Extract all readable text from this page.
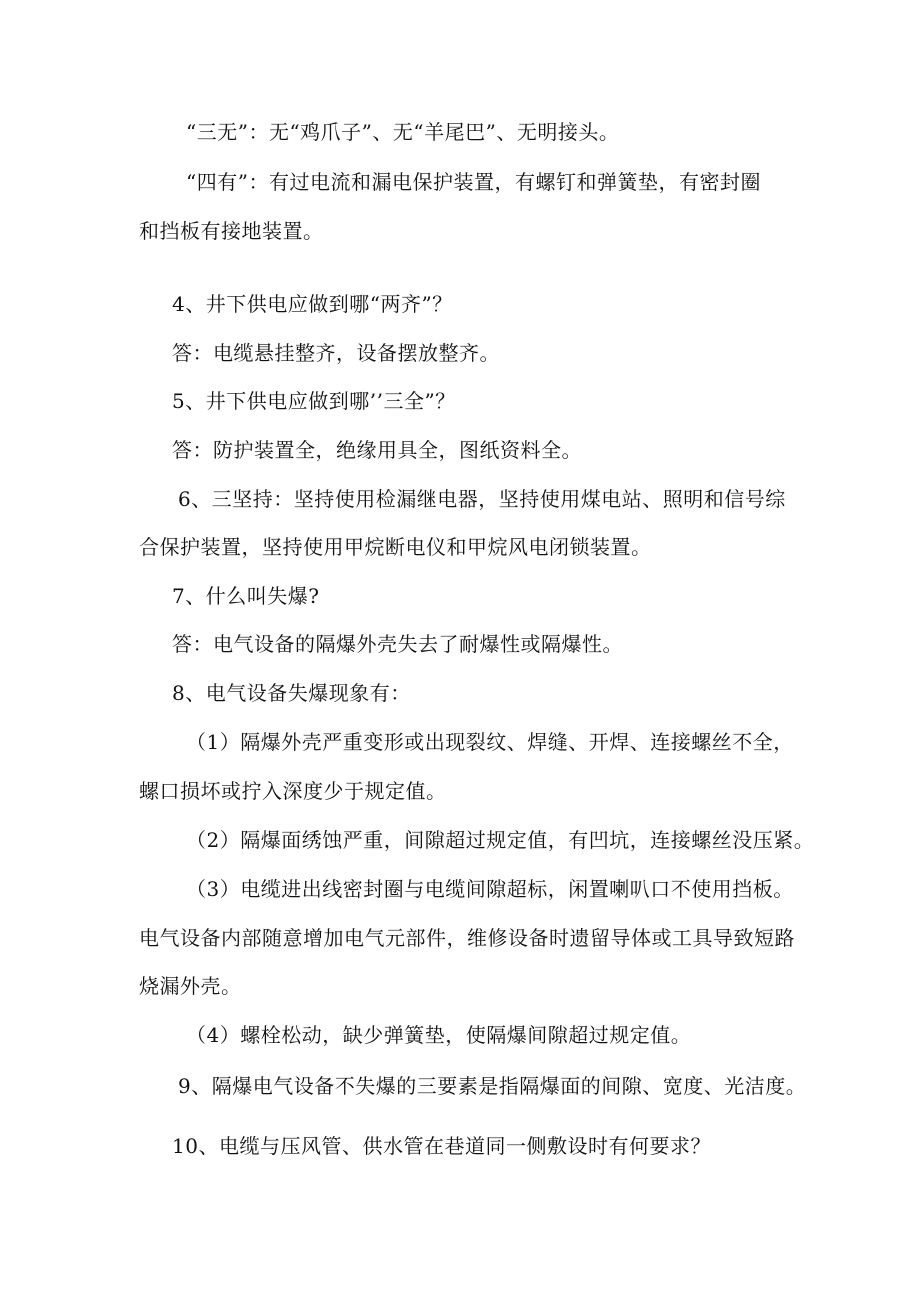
“三无”：无“鸡爪子”、无“羊尾巴”、无明接头。
“四有”：有过电流和漏电保护装置，有螺钉和弹簧垫，有密封圈
和挡板有接地装置。
4、井下供电应做到哪“两齐”？
答：电缆悬挂整齐，设备摆放整齐。
5、井下供电应做到哪’’三全”？
答：防护装置全，绝缘用具全，图纸资料全。
6、三坚持：坚持使用检漏继电器，坚持使用煤电站、照明和信号综
合保护装置，坚持使用甲烷断电仪和甲烷风电闭锁装置。
7、什么叫失爆?
答：电气设备的隔爆外壳失去了耐爆性或隔爆性。
8、电气设备失爆现象有：
（1）隔爆外壳严重变形或出现裂纹、焊缝、开焊、连接螺丝不全，
螺口损坏或拧入深度少于规定值。
（2）隔爆面绣蚀严重，间隙超过规定值，有凹坑，连接螺丝没压紧。
（3）电缆进出线密封圈与电缆间隙超标，闲置喇叭口不使用挡板。
电气设备内部随意增加电气元部件，维修设备时遗留导体或工具导致短路
烧漏外壳。
（4）螺栓松动，缺少弹簧垫，使隔爆间隙超过规定值。
9、隔爆电气设备不失爆的三要素是指隔爆面的间隙、宽度、光洁度。
10、电缆与压风管、供水管在巷道同一侧敷设时有何要求？
